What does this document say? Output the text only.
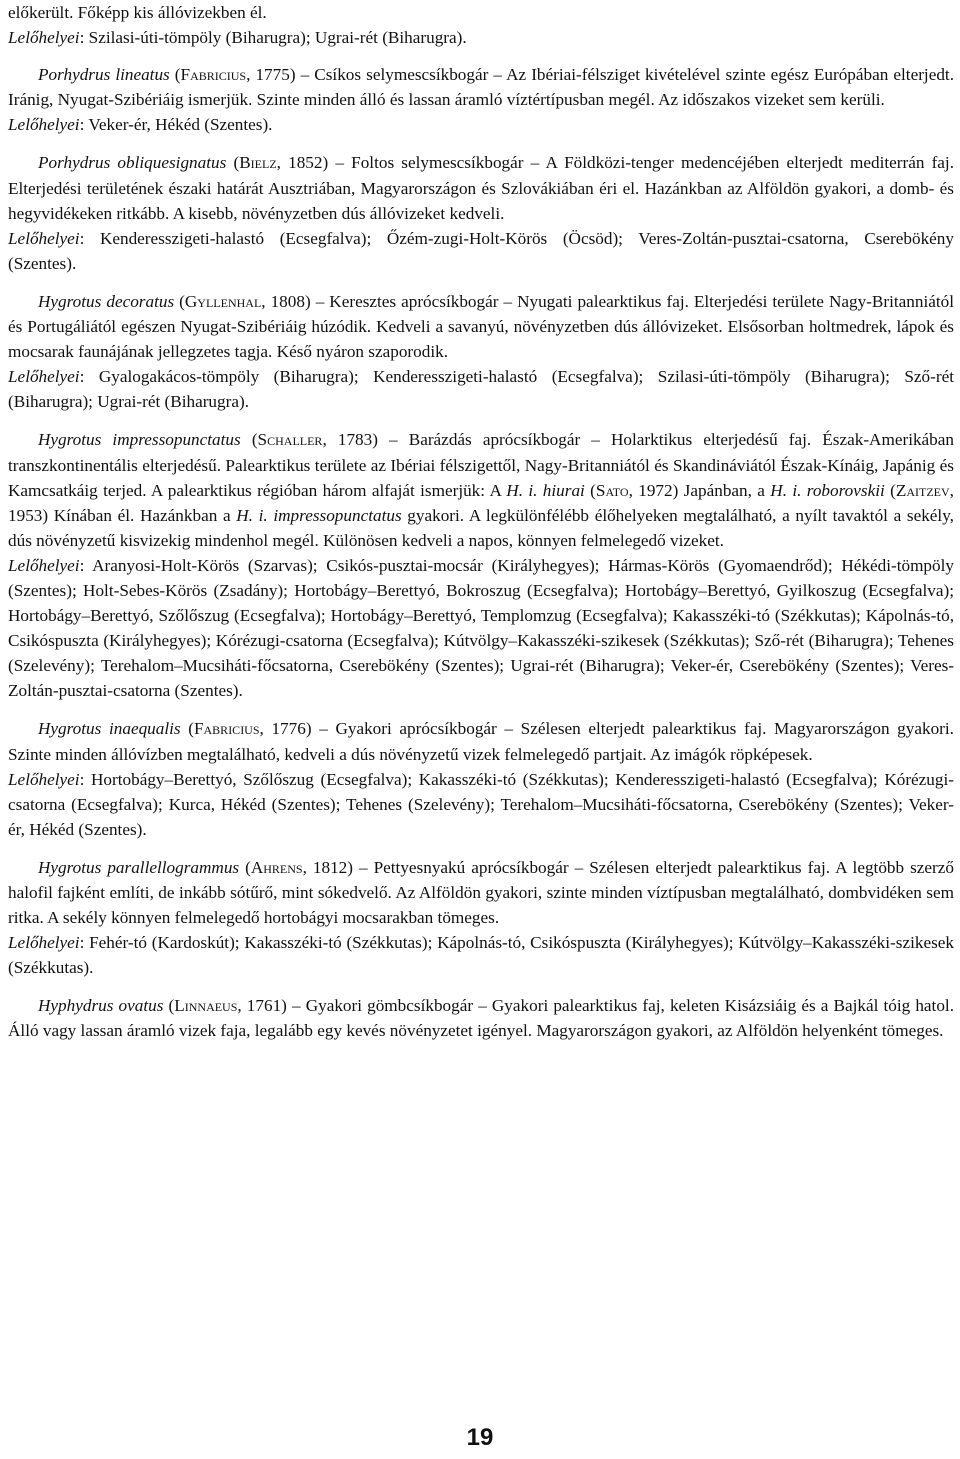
előkerült. Főképp kis állóvizekben él.

Lelőhelyei: Szilasi-úti-tömpöly (Biharugra); Ugrai-rét (Biharugra).

Porhydrus lineatus (Fabricius, 1775) – Csíkos selymescsíkbogár – Az Ibériai-félsziget kivételével szinte egész Európában elterjedt. Iránig, Nyugat-Szibériáig ismerjük. Szinte minden álló és lassan áramló víztértípusban megél. Az időszakos vizeket sem kerüli.

Lelőhelyei: Veker-ér, Hékéd (Szentes).

Porhydrus obliquesignatus (Bielz, 1852) – Foltos selymescsíkbogár – A Földközi-tenger medencéjében elterjedt mediterrán faj. Elterjedési területének északi határát Ausztriában, Magyarországon és Szlovákiában éri el. Hazánkban az Alföldön gyakori, a domb- és hegyvidékeken ritkább. A kisebb, növényzetben dús állóvizeket kedveli.

Lelőhelyei: Kenderesszigeti-halastó (Ecsegfalva); Őzém-zugi-Holt-Körös (Öcsöd); Veres-Zoltán-pusztai-csatorna, Cserebökény (Szentes).

Hygrotus decoratus (Gyllenhal, 1808) – Keresztes aprócsíkbogár – Nyugati palearktikus faj. Elterjedési területe Nagy-Britanniától és Portugáliától egészen Nyugat-Szibériáig húzódik. Kedveli a savanyú, növényzetben dús állóvizeket. Elsősorban holtmedrek, lápok és mocsarak faunájának jellegzetes tagja. Késő nyáron szaporodik.

Lelőhelyei: Gyalogakácos-tömpöly (Biharugra); Kenderesszigeti-halastó (Ecsegfalva); Szilasi-úti-tömpöly (Biharugra); Sző-rét (Biharugra); Ugrai-rét (Biharugra).

Hygrotus impressopunctatus (Schaller, 1783) – Barázdás aprócsíkbogár – Holarktikus elterjedésű faj. Észak-Amerikában transzkontinentális elterjedésű. Palearktikus területe az Ibériai félszigettől, Nagy-Britanniától és Skandináviától Észak-Kínáig, Japánig és Kamcsatkáig terjed. A palearktikus régióban három alfaját ismerjük: A H. i. hiurai (Sato, 1972) Japánban, a H. i. roborovskii (Zaitzev, 1953) Kínában él. Hazánkban a H. i. impressopunctatus gyakori. A legkülönfélébb élőhelyeken megtalálható, a nyílt tavaktól a sekély, dús növényzetű kisvizekig mindenhol megél. Különösen kedveli a napos, könnyen felmelegedő vizeket.

Lelőhelyei: Aranyosi-Holt-Körös (Szarvas); Csikós-pusztai-mocsár (Királyhegyes); Hármas-Körös (Gyomaendrőd); Hékédi-tömpöly (Szentes); Holt-Sebes-Körös (Zsadány); Hortobágy–Berettyó, Bokroszug (Ecsegfalva); Hortobágy–Berettyó, Gyilkoszug (Ecsegfalva); Hortobágy–Berettyó, Szőlőszug (Ecsegfalva); Hortobágy–Berettyó, Templomzug (Ecsegfalva); Kakasszéki-tó (Székkutas); Kápolnás-tó, Csikóspuszta (Királyhegyes); Kórézugi-csatorna (Ecsegfalva); Kútvölgy–Kakasszéki-szikesek (Székkutas); Sző-rét (Biharugra); Tehenes (Szelevény); Terehalom–Mucsiháti-főcsatorna, Cserebökény (Szentes); Ugrai-rét (Biharugra); Veker-ér, Cserebökény (Szentes); Veres-Zoltán-pusztai-csatorna (Szentes).

Hygrotus inaequalis (Fabricius, 1776) – Gyakori aprócsíkbogár – Szélesen elterjedt palearktikus faj. Magyarországon gyakori. Szinte minden állóvízben megtalálható, kedveli a dús növényzetű vizek felmelegedő partjait. Az imágók röpképesek.

Lelőhelyei: Hortobágy–Berettyó, Szőlőszug (Ecsegfalva); Kakasszéki-tó (Székkutas); Kenderesszigeti-halastó (Ecsegfalva); Kórézugi-csatorna (Ecsegfalva); Kurca, Hékéd (Szentes); Tehenes (Szelevény); Terehalom–Mucsiháti-főcsatorna, Cserebökény (Szentes); Veker-ér, Hékéd (Szentes).

Hygrotus parallellogrammus (Ahrens, 1812) – Pettyesnyakú aprócsíkbogár – Szélesen elterjedt palearktikus faj. A legtöbb szerző halofil fajként említi, de inkább sótűrő, mint sókedvelő. Az Alföldön gyakori, szinte minden víztípusban megtalálható, dombvidéken sem ritka. A sekély könnyen felmelegedő hortobágyi mocsarakban tömeges.

Lelőhelyei: Fehér-tó (Kardoskút); Kakasszéki-tó (Székkutas); Kápolnás-tó, Csikóspuszta (Királyhegyes); Kútvölgy–Kakasszéki-szikesek (Székkutas).

Hyphydrus ovatus (Linnaeus, 1761) – Gyakori gömbcsíkbogár – Gyakori palearktikus faj, keleten Kisázsiáig és a Bajkál tóig hatol. Álló vagy lassan áramló vizek faja, legalább egy kevés növényzetet igényel. Magyarországon gyakori, az Alföldön helyenként tömeges.

19
